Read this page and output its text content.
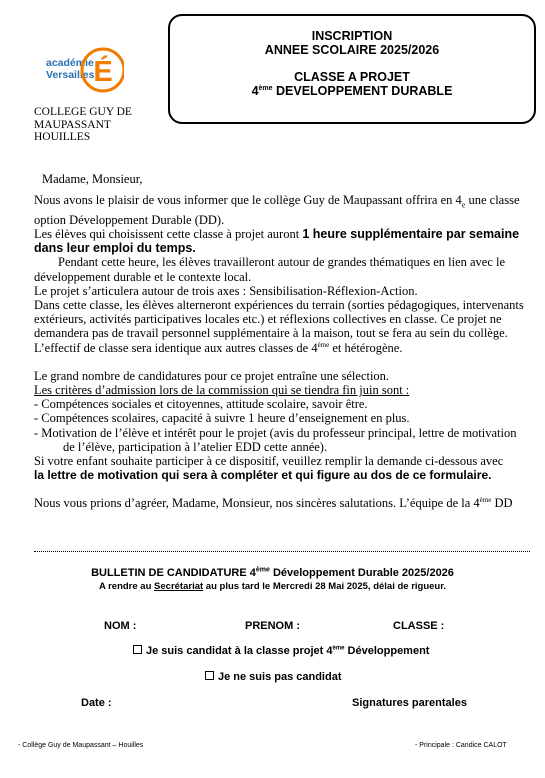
INSCRIPTION
ANNEE SCOLAIRE 2025/2026
CLASSE A PROJET
4ème DEVELOPPEMENT DURABLE
académie
Versailles
É
COLLEGE GUY DE
MAUPASSANT
HOUILLES

Madame, Monsieur,

Nous avons le plaisir de vous informer que le collège Guy de Maupassant offrira en $4_e$ une classe option Développement Durable (DD).

Les élèves qui choisissent cette classe à projet auront 1 heure supplémentaire par semaine dans leur emploi du temps.

Pendant cette heure, les élèves travailleront autour de grandes thématiques en lien avec le développement durable et le contexte local.

Le projet s’articulera autour de trois axes : Sensibilisation-Réflexion-Action.

Dans cette classe, les élèves alterneront expériences du terrain (sorties pédagogiques, intervenants extérieurs, activités participatives locales etc.) et réflexions collectives en classe. Ce projet ne demandera pas de travail personnel supplémentaire à la maison, tout se fera au sein du collège.

L’effectif de classe sera identique aux autres classes de 4ème et hétérogène.

Le grand nombre de candidatures pour ce projet entraîne une sélection.

Les critères d’admission lors de la commission qui se tiendra fin juin sont :

- Compétences sociales et citoyennes, attitude scolaire, savoir être.

- Compétences scolaires, capacité à suivre 1 heure d’enseignement en plus.

- Motivation de l’élève et intérêt pour le projet (avis du professeur principal, lettre de motivation

de l’élève, participation à l’atelier EDD cette année).

Si votre enfant souhaite participer à ce dispositif, veuillez remplir la demande ci-dessous avec

la lettre de motivation qui sera à compléter et qui figure au dos de ce formulaire.

Nous vous prions d’agréer, Madame, Monsieur, nos sincères salutations. L’équipe de la 4ème DD

BULLETIN DE CANDIDATURE 4ème Développement Durable 2025/2026
A rendre au Secrétariat au plus tard le Mercredi 28 Mai 2025, délai de rigueur.
NOM :	PRENOM :	CLASSE :
Je suis candidat à la classe projet 4ème Développement
Je ne suis pas candidat
Date :	Signatures parentales
- Collège Guy de Maupassant – Houilles	- Principale : Candice CALOT
